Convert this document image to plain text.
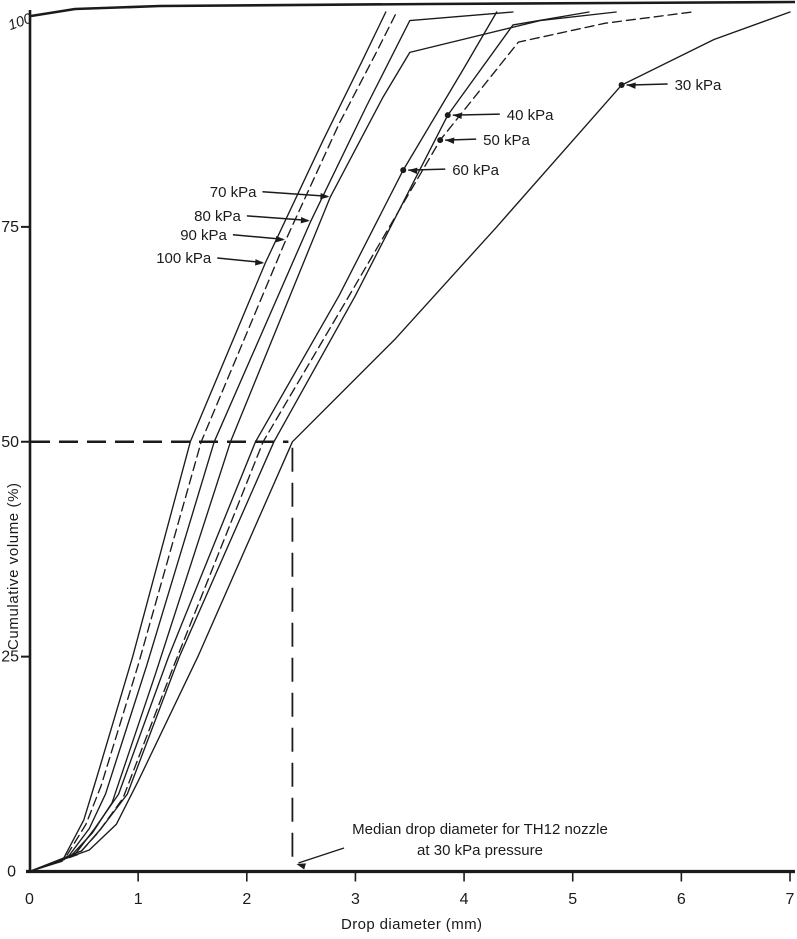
0	1	2	3	4	5	6	7
0
25
50
75
100
100 kPa
90 kPa
80 kPa
70 kPa
60 kPa
50 kPa
40 kPa
30 kPa
Cumulative volume (%)
Drop diameter (mm)
Median drop diameter for TH12 nozzle
at 30 kPa pressure
